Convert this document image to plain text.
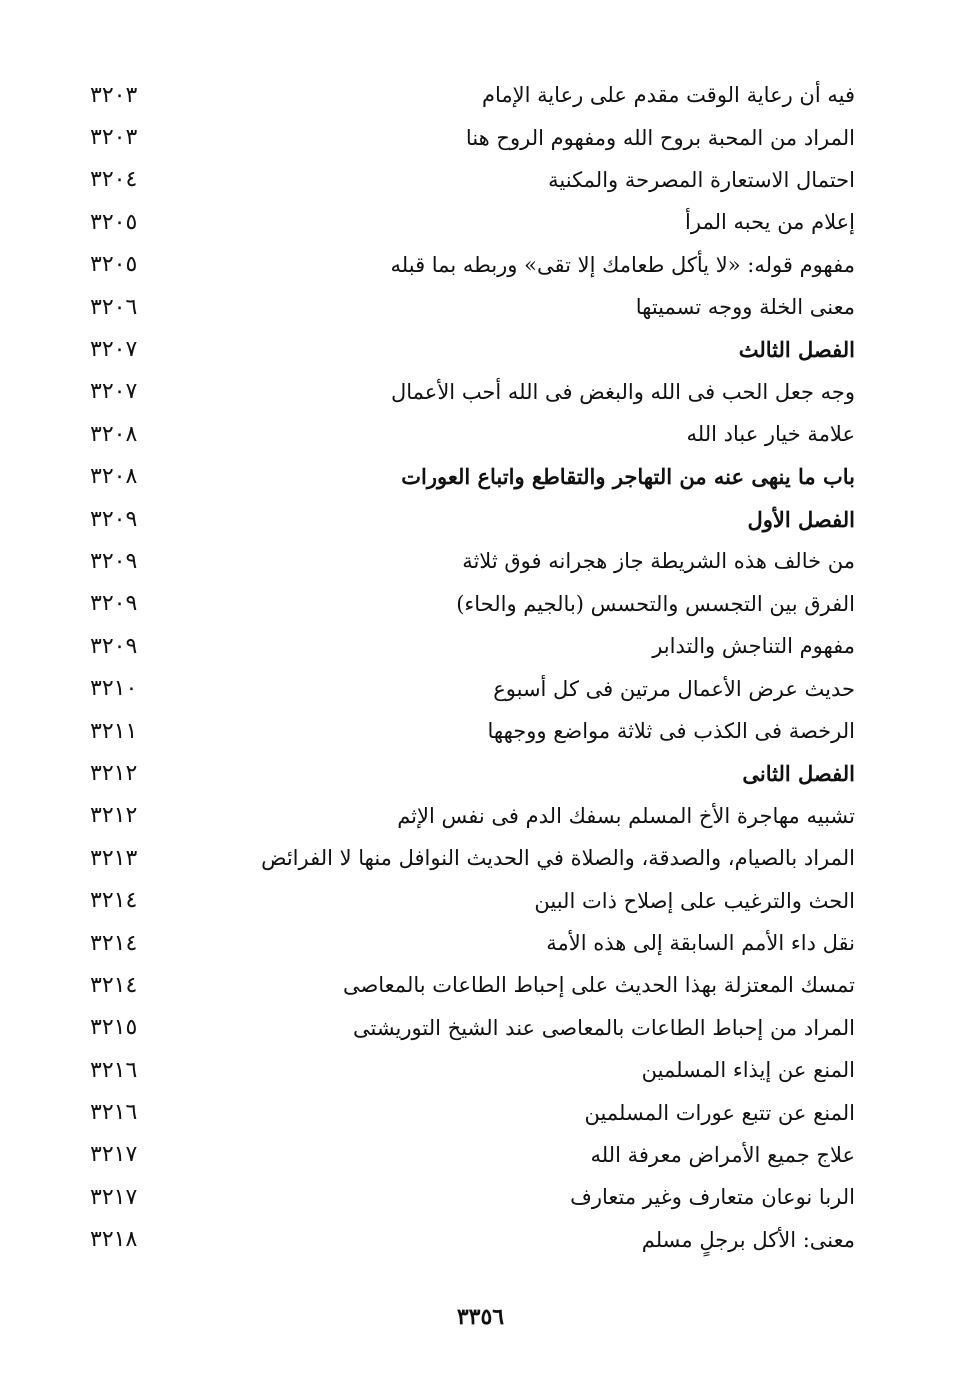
فيه أن رعاية الوقت مقدم على رعاية الإمام
٣٢٠٣
المراد من المحبة بروح الله ومفهوم الروح هنا
٣٢٠٣
احتمال الاستعارة المصرحة والمكنية
٣٢٠٤
إعلام من يحبه المرأ
٣٢٠٥
مفهوم قوله: «لا يأكل طعامك إلا تقى» وربطه بما قبله
٣٢٠٥
معنى الخلة ووجه تسميتها
٣٢٠٦
الفصل الثالث
٣٢٠٧
وجه جعل الحب فى الله والبغض فى الله أحب الأعمال
٣٢٠٧
علامة خيار عباد الله
٣٢٠٨
باب ما ينهى عنه من التهاجر والتقاطع واتباع العورات
٣٢٠٨
الفصل الأول
٣٢٠٩
من خالف هذه الشريطة جاز هجرانه فوق ثلاثة
٣٢٠٩
الفرق بين التجسس والتحسس (بالجيم والحاء)
٣٢٠٩
مفهوم التناجش والتدابر
٣٢٠٩
حديث عرض الأعمال مرتين فى كل أسبوع
٣٢١٠
الرخصة فى الكذب فى ثلاثة مواضع ووجهها
٣٢١١
الفصل الثانى
٣٢١٢
تشبيه مهاجرة الأخ المسلم بسفك الدم فى نفس الإثم
٣٢١٢
المراد بالصيام، والصدقة، والصلاة في الحديث النوافل منها لا الفرائض
٣٢١٣
الحث والترغيب على إصلاح ذات البين
٣٢١٤
نقل داء الأمم السابقة إلى هذه الأمة
٣٢١٤
تمسك المعتزلة بهذا الحديث على إحباط الطاعات بالمعاصى
٣٢١٤
المراد من إحباط الطاعات بالمعاصى عند الشيخ التوريشتى
٣٢١٥
المنع عن إيذاء المسلمين
٣٢١٦
المنع عن تتبع عورات المسلمين
٣٢١٦
علاج جميع الأمراض معرفة الله
٣٢١٧
الربا نوعان متعارف وغير متعارف
٣٢١٧
معنى: الأكل برجلٍ مسلم
٣٢١٨
٣٣٥٦
